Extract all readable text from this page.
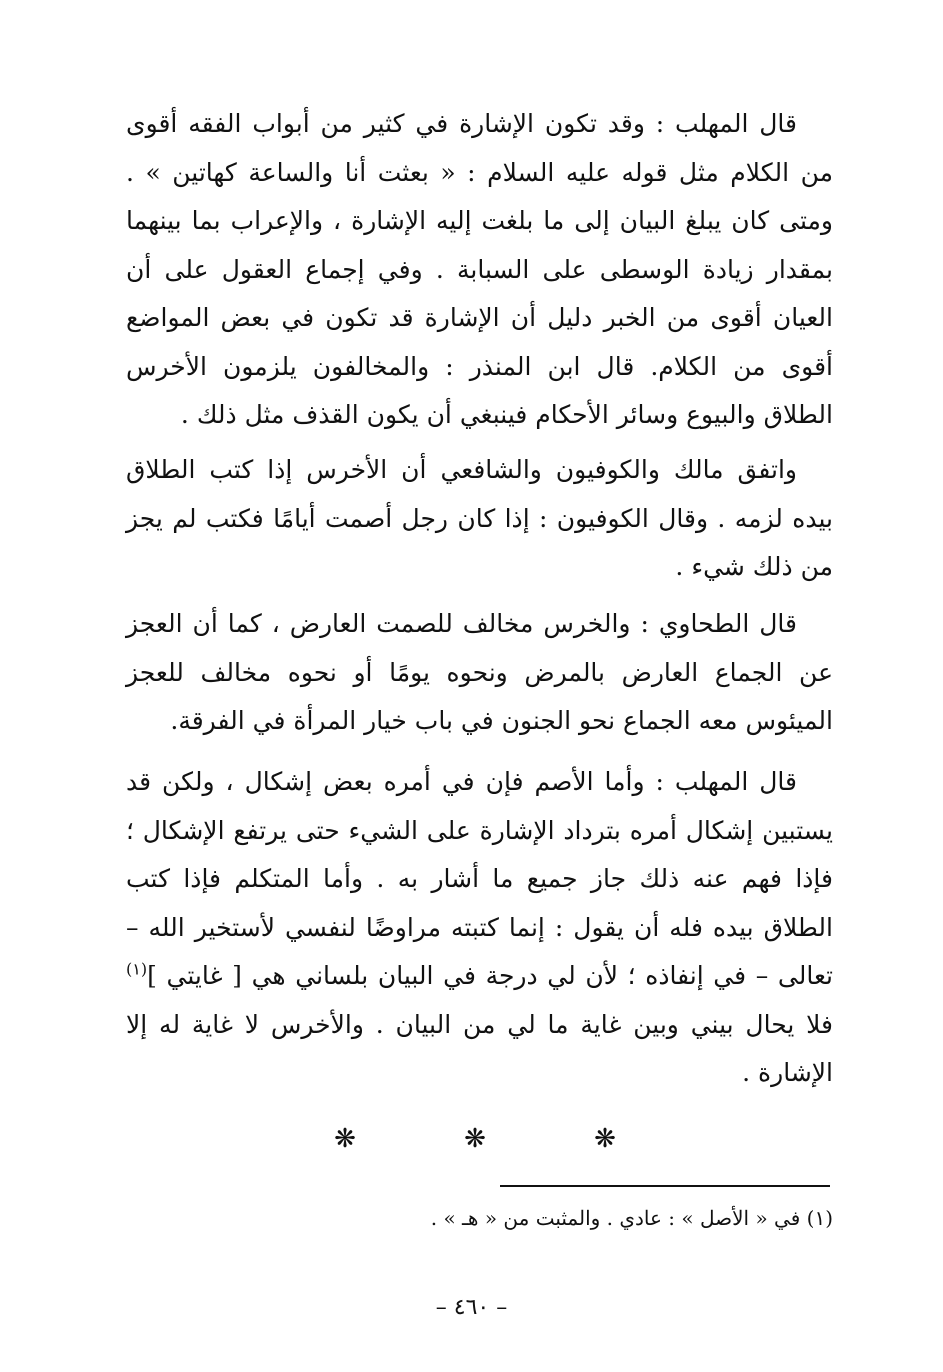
قال المهلب : وقد تكون الإشارة في كثير من أبواب الفقه أقوى من الكلام مثل قوله عليه السلام : « بعثت أنا والساعة كهاتين » . ومتى كان يبلغ البيان إلى ما بلغت إليه الإشارة ، والإعراب بما بينهما بمقدار زيادة الوسطى على السبابة . وفي إجماع العقول على أن العيان أقوى من الخبر دليل أن الإشارة قد تكون في بعض المواضع أقوى من الكلام. قال ابن المنذر : والمخالفون يلزمون الأخرس الطلاق والبيوع وسائر الأحكام فينبغي أن يكون القذف مثل ذلك .

واتفق مالك والكوفيون والشافعي أن الأخرس إذا كتب الطلاق بيده لزمه . وقال الكوفيون : إذا كان رجل أصمت أيامًا فكتب لم يجز من ذلك شيء .

قال الطحاوي : والخرس مخالف للصمت العارض ، كما أن العجز عن الجماع العارض بالمرض ونحوه يومًا أو نحوه مخالف للعجز الميئوس معه الجماع نحو الجنون في باب خيار المرأة في الفرقة.

قال المهلب : وأما الأصم فإن في أمره بعض إشكال ، ولكن قد يستبين إشكال أمره بترداد الإشارة على الشيء حتى يرتفع الإشكال ؛ فإذا فهم عنه ذلك جاز جميع ما أشار به . وأما المتكلم فإذا كتب الطلاق بيده فله أن يقول : إنما كتبته مراوضًا لنفسي لأستخير الله – تعالى – في إنفاذه ؛ لأن لي درجة في البيان بلساني هي [ غايتي ]$^{(١)}$ فلا يحال بيني وبين غاية ما لي من البيان . والأخرس لا غاية له إلا الإشارة .

❋
❋
❋
(١) في « الأصل » : عادي . والمثبت من « هـ » .
– ٤٦٠ –
